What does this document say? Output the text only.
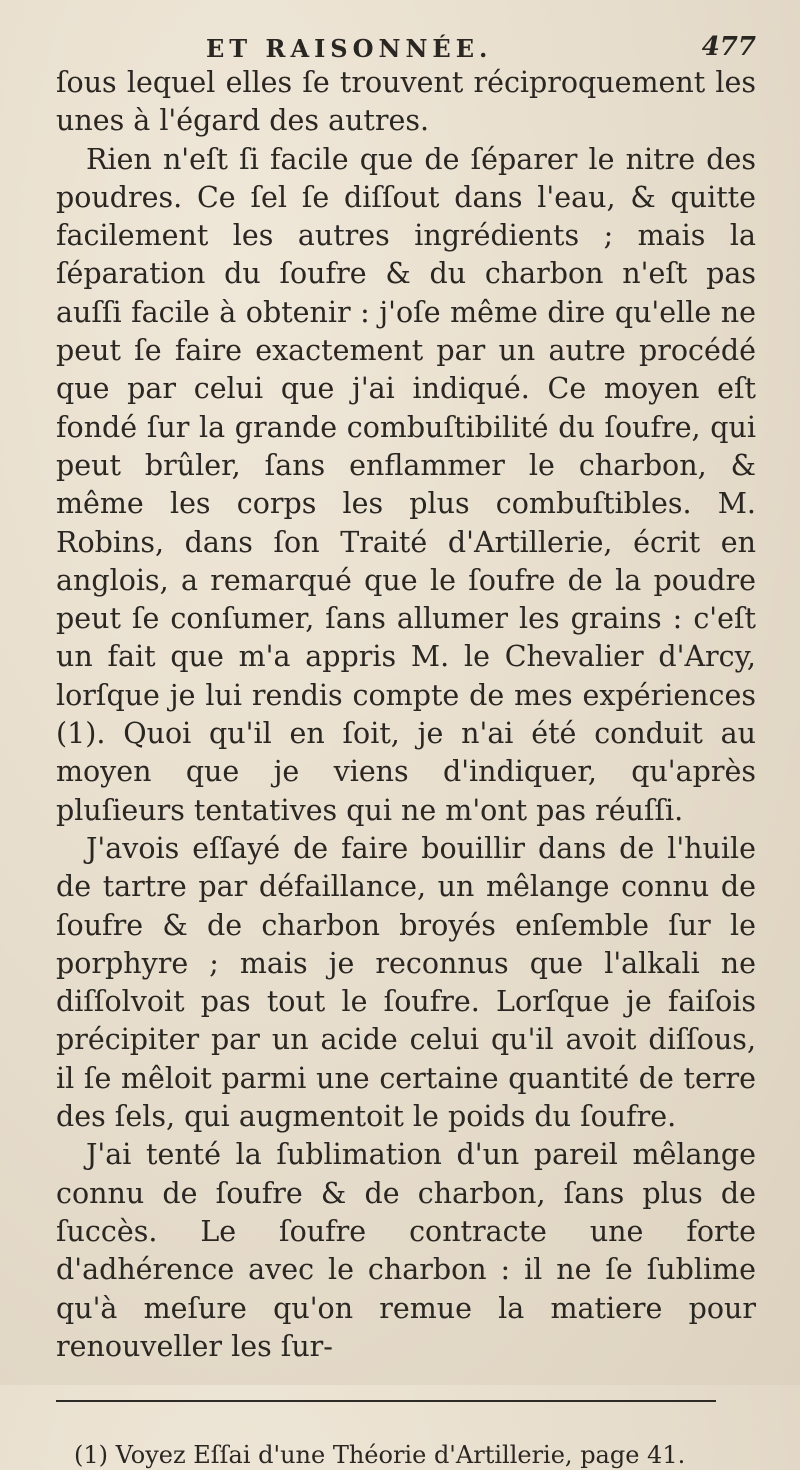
ET RAISONNÉE.	477

ſous lequel elles ſe trouvent réciproquement les unes à l'égard des autres.

Rien n'eſt ſi facile que de ſéparer le nitre des poudres. Ce ſel ſe diſſout dans l'eau, & quitte facilement les autres ingrédients ; mais la ſéparation du ſoufre & du charbon n'eſt pas auſſi facile à obtenir : j'oſe même dire qu'elle ne peut ſe faire exactement par un autre procédé que par celui que j'ai indiqué. Ce moyen eſt fondé ſur la grande combuſtibilité du ſoufre, qui peut brûler, ſans enflammer le charbon, & même les corps les plus combuſtibles. M. Robins, dans ſon Traité d'Artillerie, écrit en anglois, a remarqué que le ſoufre de la poudre peut ſe conſumer, ſans allumer les grains : c'eſt un fait que m'a appris M. le Chevalier d'Arcy, lorſque je lui rendis compte de mes expériences (1). Quoi qu'il en ſoit, je n'ai été conduit au moyen que je viens d'indiquer, qu'après pluſieurs tentatives qui ne m'ont pas réuſſi.

J'avois eſſayé de faire bouillir dans de l'huile de tartre par défaillance, un mêlange connu de ſoufre & de charbon broyés enſemble ſur le porphyre ; mais je reconnus que l'alkali ne diſſolvoit pas tout le ſoufre. Lorſque je faiſois précipiter par un acide celui qu'il avoit diſſous, il ſe mêloit parmi une certaine quantité de terre des ſels, qui augmentoit le poids du ſoufre.

J'ai tenté la ſublimation d'un pareil mêlange connu de ſoufre & de charbon, ſans plus de ſuccès. Le ſoufre contracte une forte d'adhérence avec le charbon : il ne ſe ſublime qu'à meſure qu'on remue la matiere pour renouveller les ſur-

(1) Voyez Eſſai d'une Théorie d'Artillerie, page 41.
